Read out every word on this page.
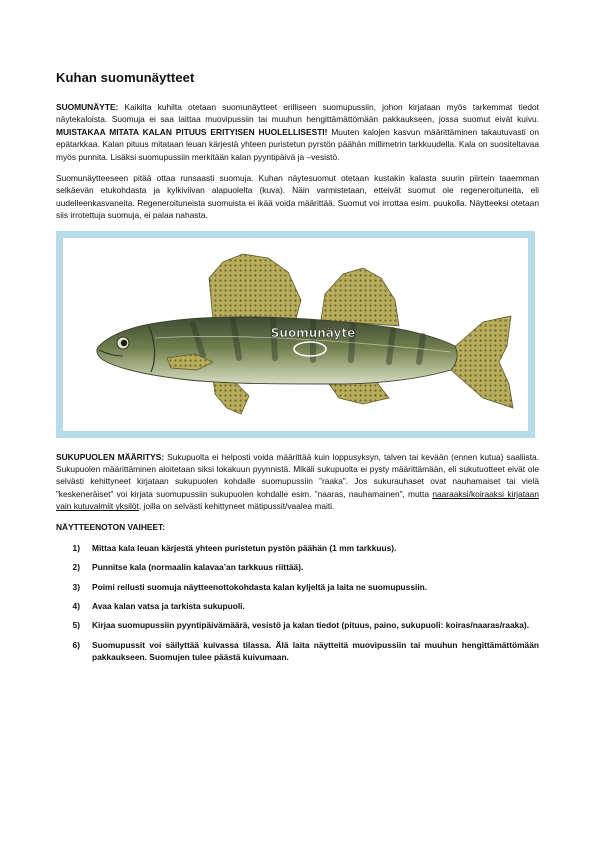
Kuhan suomunäytteet

SUOMUNÄYTE: Kaikilta kuhilta otetaan suomunäytteet erilliseen suomupussiin, johon kirjataan myös tarkemmat tiedot näytekaloista. Suomuja ei saa laittaa muovipussiin tai muuhun hengittämättömään pakkaukseen, jossa suomut eivät kuivu. MUISTAKAA MITATA KALAN PITUUS ERITYISEN HUOLELLISESTI! Muuten kalojen kasvun määrittäminen takautuvasti on epätarkkaa. Kalan pituus mitataan leuan kärjestä yhteen puristetun pyrstön päähän millimetrin tarkkuudella. Kala on suositeltavaa myös punnita. Lisäksi suomupussiin merkitään kalan pyyntipäivä ja –vesistö.

Suomunäytteeseen pitää ottaa runsaasti suomuja. Kuhan näytesuomut otetaan kustakin kalasta suurin piirtein taaemman selkäevän etukohdasta ja kylkiviivan alapuolelta (kuva). Näin varmistetaan, etteivät suomut ole regeneroituneita, eli uudelleenkasvaneita. Regeneroituneista suomuista ei ikää voida määrittää. Suomut voi irrottaa esim. puukolla. Näytteeksi otetaan siis irrotettuja suomuja, ei palaa nahasta.

Suomunäyte

SUKUPUOLEN MÄÄRITYS: Sukupuolta ei helposti voida määrittää kuin loppusyksyn, talven tai kevään (ennen kutua) saaliista. Sukupuolen määrittäminen aloitetaan siksi lokakuun pyynnistä. Mikäli sukupuolta ei pysty määrittämään, eli sukutuotteet eivät ole selvästi kehittyneet kirjataan sukupuolen kohdalle suomupussiin ”raaka”. Jos sukurauhaset ovat nauhamaiset tai vielä ”keskeneräiset” voi kirjata suomupussiin sukupuolen kohdalle esim. ”naaras, nauhamainen”, mutta naaraaksi/koiraaksi kirjataan vain kutuvalmiit yksilöt, joilla on selvästi kehittyneet mätipussit/vaalea maiti.

NÄYTTEENOTON VAIHEET:
1)	Mittaa kala leuan kärjestä yhteen puristetun pystön päähän (1 mm tarkkuus).
2)	Punnitse kala (normaalin kalavaa’an tarkkuus riittää).
3)	Poimi reilusti suomuja näytteenottokohdasta kalan kyljeltä ja laita ne suomupussiin.
4)	Avaa kalan vatsa ja tarkista sukupuoli.
5)	Kirjaa suomupussiin pyyntipäivämäärä, vesistö ja kalan tiedot (pituus, paino, sukupuoli: koiras/naaras/raaka).
6)	Suomupussit voi säilyttää kuivassa tilassa. Älä laita näytteitä muovipussiin tai muuhun hengittämättömään pakkaukseen. Suomujen tulee päästä kuivumaan.
